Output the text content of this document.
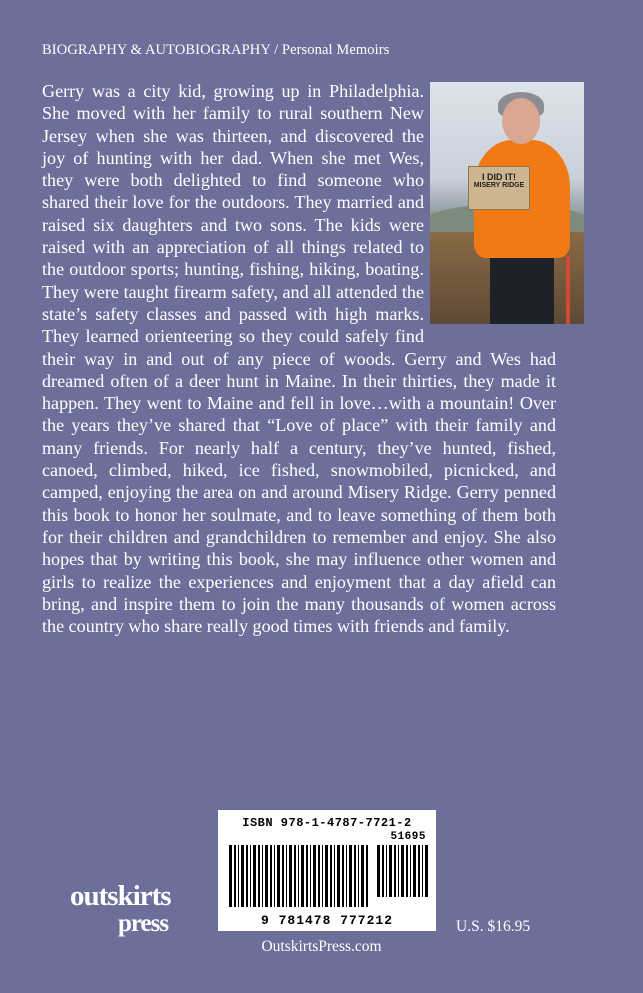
BIOGRAPHY & AUTOBIOGRAPHY / Personal Memoirs
I DID IT!
MISERY RIDGE

Gerry was a city kid, growing up in Philadelphia. She moved with her family to rural southern New Jersey when she was thirteen, and discovered the joy of hunting with her dad. When she met Wes, they were both delighted to find someone who shared their love for the outdoors. They married and raised six daughters and two sons. The kids were raised with an appreciation of all things related to the outdoor sports; hunting, fishing, hiking, boating. They were taught firearm safety, and all attended the state’s safety classes and passed with high marks. They learned orienteering so they could safely find their way in and out of any piece of woods. Gerry and Wes had dreamed often of a deer hunt in Maine. In their thirties, they made it happen. They went to Maine and fell in love…with a mountain! Over the years they’ve shared that “Love of place” with their family and many friends. For nearly half a century, they’ve hunted, fished, canoed, climbed, hiked, ice fished, snowmobiled, picnicked, and camped, enjoying the area on and around Misery Ridge. Gerry penned this book to honor her soulmate, and to leave something of them both for their children and grandchildren to remember and enjoy. She also hopes that by writing this book, she may influence other women and girls to realize the experiences and enjoyment that a day afield can bring, and inspire them to join the many thousands of women across the country who share really good times with friends and family.

ISBN 978-1-4787-7721-2
51695
9 781478 777212
outskirts
press	U.S. $16.95
OutskirtsPress.com
